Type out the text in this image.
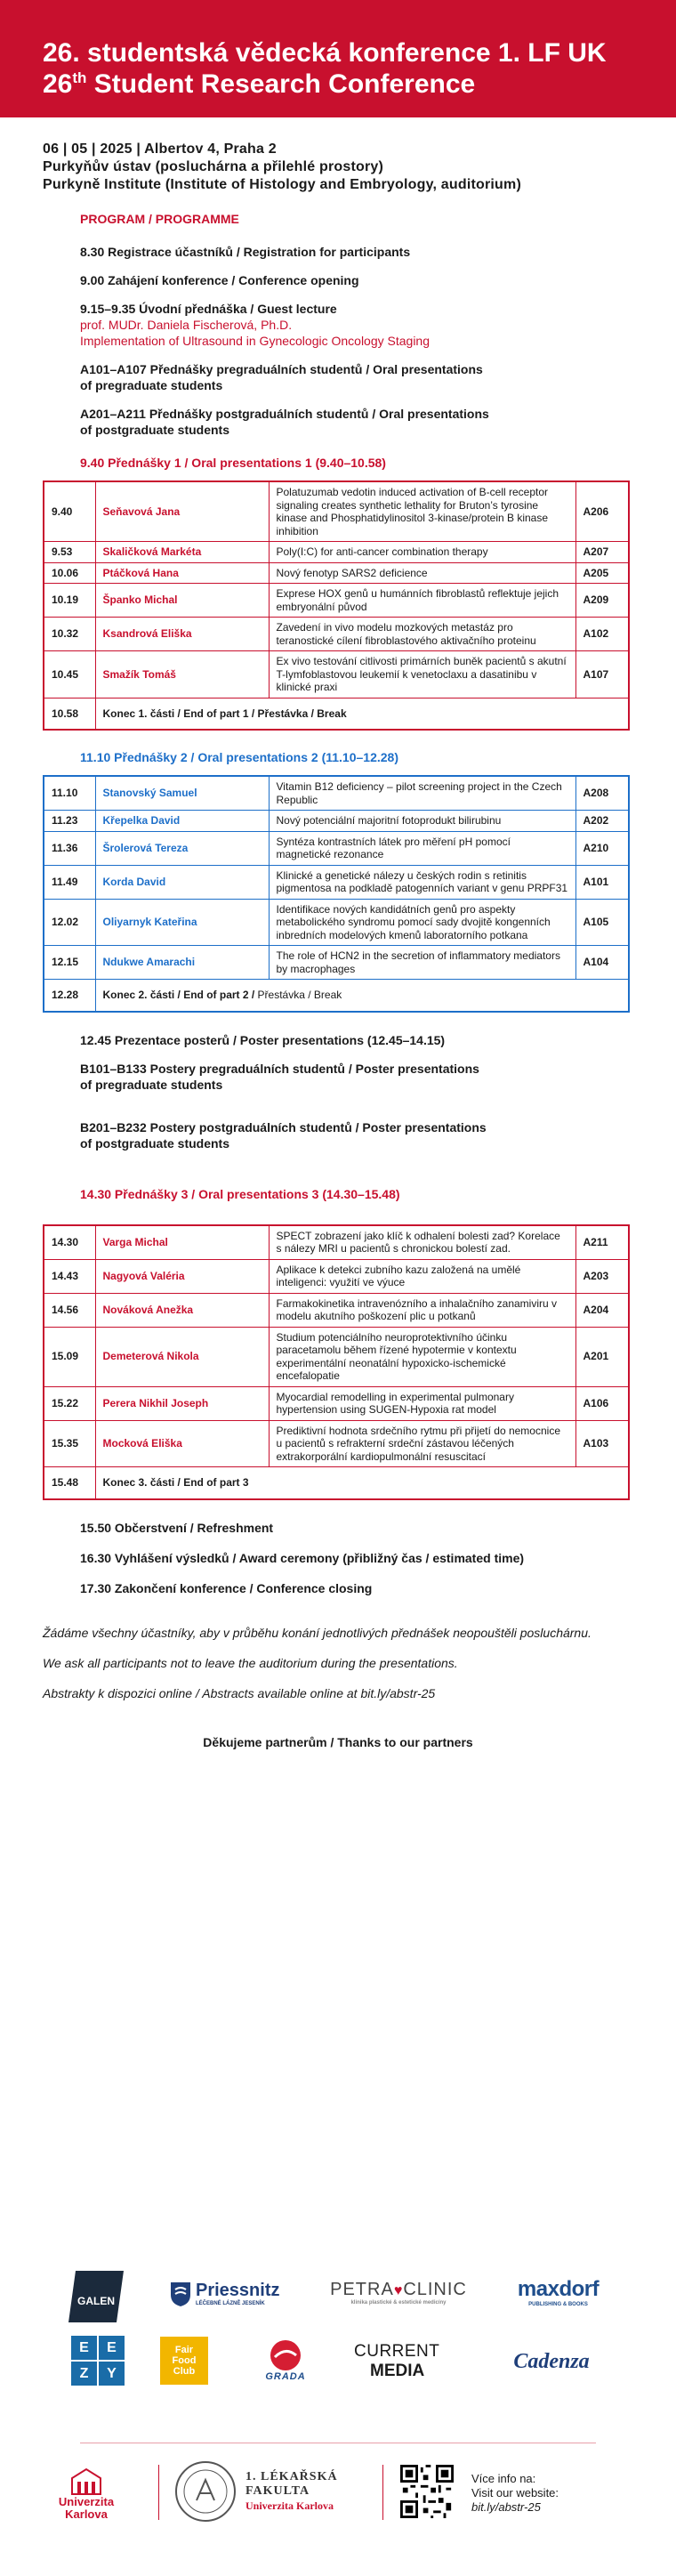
26. studentská vědecká konference 1. LF UK
26th Student Research Conference
06 | 05 | 2025 | Albertov 4, Praha 2
Purkyňův ústav (posluchárna a přilehlé prostory)
Purkyně Institute (Institute of Histology and Embryology, auditorium)
PROGRAM / PROGRAMME
8.30 Registrace účastníků / Registration for participants
9.00 Zahájení konference / Conference opening
9.15–9.35 Úvodní přednáška / Guest lecture
prof. MUDr. Daniela Fischerová, Ph.D.
Implementation of Ultrasound in Gynecologic Oncology Staging
A101–A107 Přednášky pregraduálních studentů / Oral presentations
of pregraduate students
A201–A211 Přednášky postgraduálních studentů / Oral presentations
of postgraduate students
9.40 Přednášky 1 / Oral presentations 1 (9.40–10.58)
9.40	Seňavová Jana	Polatuzumab vedotin induced activation of B-cell receptor signaling creates synthetic lethality for Bruton’s tyrosine kinase and Phosphatidylinositol 3-kinase/protein B kinase inhibition	A206
9.53	Skaličková Markéta	Poly(I:C) for anti-cancer combination therapy	A207
10.06	Ptáčková Hana	Nový fenotyp SARS2 deficience	A205
10.19	Španko Michal	Exprese HOX genů u humánních fibroblastů reflektuje jejich embryonální původ	A209
10.32	Ksandrová Eliška	Zavedení in vivo modelu mozkových metastáz pro teranostické cílení fibroblastového aktivačního proteinu	A102
10.45	Smažík Tomáš	Ex vivo testování citlivosti primárních buněk pacientů s akutní T-lymfoblastovou leukemií k venetoclaxu a dasatinibu v klinické praxi	A107
10.58	Konec 1. části / End of part 1 / Přestávka / Break		
11.10 Přednášky 2 / Oral presentations 2 (11.10–12.28)
11.10	Stanovský Samuel	Vitamin B12 deficiency – pilot screening project in the Czech Republic	A208
11.23	Křepelka David	Nový potenciální majoritní fotoprodukt bilirubinu	A202
11.36	Šrolerová Tereza	Syntéza kontrastních látek pro měření pH pomocí magnetické rezonance	A210
11.49	Korda David	Klinické a genetické nálezy u českých rodin s retinitis pigmentosa na podkladě patogenních variant v genu PRPF31	A101
12.02	Oliyarnyk Kateřina	Identifikace nových kandidátních genů pro aspekty metabolického syndromu pomocí sady dvojitě kongenních inbredních modelových kmenů laboratorního potkana	A105
12.15	Ndukwe Amarachi	The role of HCN2 in the secretion of inflammatory mediators by macrophages	A104
12.28	Konec 2. části / End of part 2 / Přestávka / Break		
12.45 Prezentace posterů / Poster presentations (12.45–14.15)
B101–B133 Postery pregraduálních studentů / Poster presentations
of pregraduate students
B201–B232 Postery postgraduálních studentů / Poster presentations
of postgraduate students
14.30 Přednášky 3 / Oral presentations 3 (14.30–15.48)
14.30	Varga Michal	SPECT zobrazení jako klíč k odhalení bolesti zad? Korelace s nálezy MRI u pacientů s chronickou bolestí zad.	A211
14.43	Nagyová Valéria	Aplikace k detekci zubního kazu založená na umělé inteligenci: využití ve výuce	A203
14.56	Nováková Anežka	Farmakokinetika intravenózního a inhalačního zanamiviru v modelu akutního poškození plic u potkanů	A204
15.09	Demeterová Nikola	Studium potenciálního neuroprotektivního účinku paracetamolu během řízené hypotermie v kontextu experimentální neonatální hypoxicko-ischemické encefalopatie	A201
15.22	Perera Nikhil Joseph	Myocardial remodelling in experimental pulmonary hypertension using SUGEN-Hypoxia rat model	A106
15.35	Mocková Eliška	Prediktivní hodnota srdečního rytmu při přijetí do nemocnice u pacientů s refrakterní srdeční zástavou léčených extrakorporální kardiopulmonální resuscitací	A103
15.48	Konec 3. části / End of part 3		
15.50 Občerstvení / Refreshment
16.30 Vyhlášení výsledků / Award ceremony (přibližný čas / estimated time)
17.30 Zakončení konference / Conference closing
Žádáme všechny účastníky, aby v průběhu konání jednotlivých přednášek neopouštěli posluchárnu.
We ask all participants not to leave the auditorium during the presentations.
Abstrakty k dispozici online / Abstracts available online at bit.ly/abstr-25
Děkujeme partnerům / Thanks to our partners
GALEN
Priessnitz
LÉČEBNÉ LÁZNĚ JESENÍK
PETRA♥CLINIC
klinika plastické & estetické medicíny
maxdorf
PUBLISHING & BOOKS
E	E
Z	Y
Fair Food Club	GRADA
CURRENT
MEDIA	Cadenza
Univerzita
Karlova
1. LÉKAŘSKÁ
FAKULTA
Univerzita Karlova
Více info na:
Visit our website:
bit.ly/abstr-25
